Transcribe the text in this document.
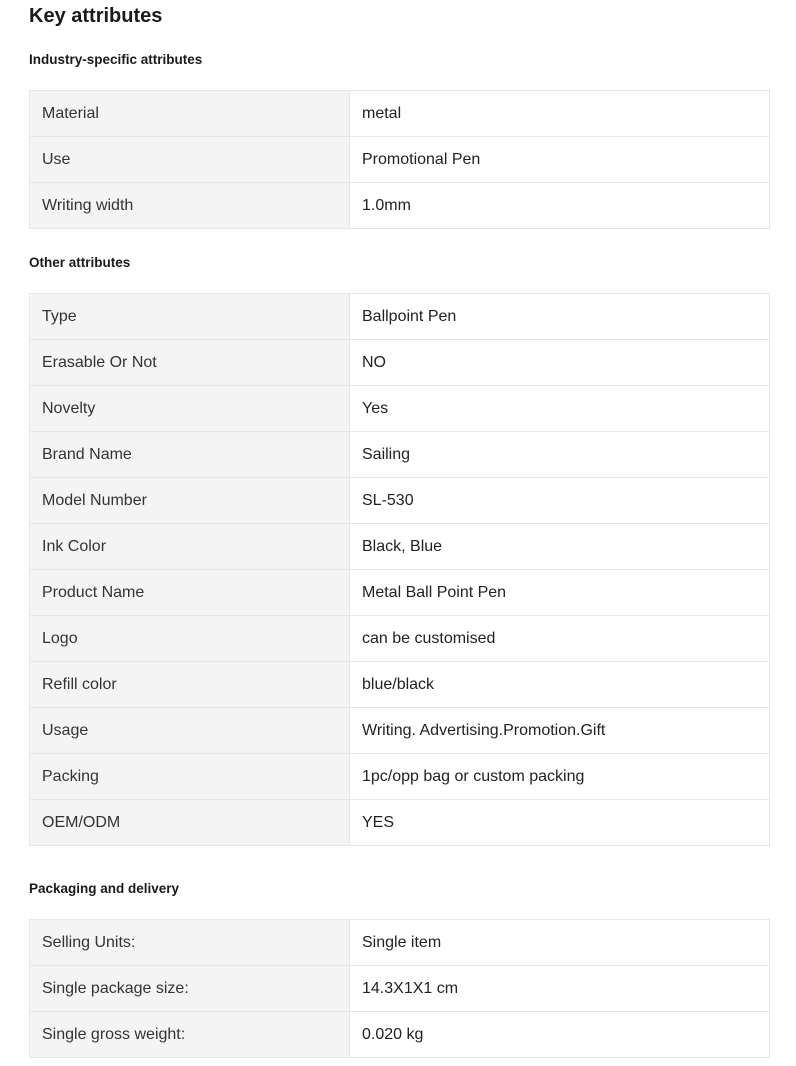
Key attributes
Industry-specific attributes
Material	metal
Use	Promotional Pen
Writing width	1.0mm
Other attributes
Type	Ballpoint Pen
Erasable Or Not	NO
Novelty	Yes
Brand Name	Sailing
Model Number	SL-530
Ink Color	Black, Blue
Product Name	Metal Ball Point Pen
Logo	can be customised
Refill color	blue/black
Usage	Writing. Advertising.Promotion.Gift
Packing	1pc/opp bag or custom packing
OEM/ODM	YES
Packaging and delivery
Selling Units:	Single item
Single package size:	14.3X1X1 cm
Single gross weight:	0.020 kg
